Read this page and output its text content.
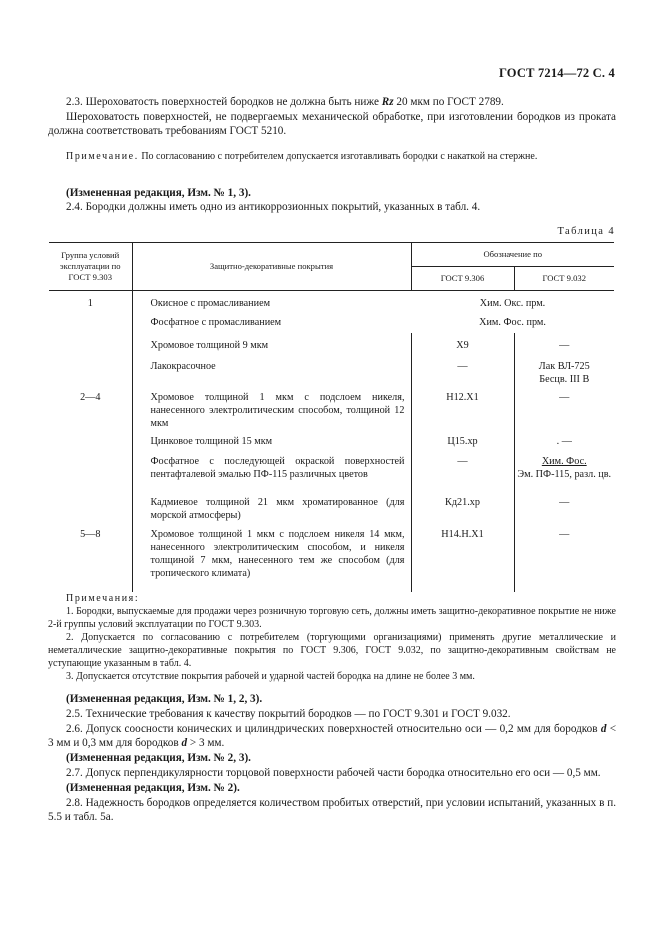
ГОСТ 7214—72 С. 4
2.3. Шероховатость поверхностей бородков не должна быть ниже Rz 20 мкм по ГОСТ 2789.
Шероховатость поверхностей, не подвергаемых механической обработке, при изготовлении бородков из проката должна соответствовать требованиям ГОСТ 5210.
Примечание. По согласованию с потребителем допускается изготавливать бородки с накаткой на стержне.
(Измененная редакция, Изм. № 1, 3).
2.4. Бородки должны иметь одно из антикоррозионных покрытий, указанных в табл. 4.
Таблица 4
Группа условий эксплуатации по ГОСТ 9.303	Защитно-декоративные покрытия	Обозначение по	
		ГОСТ 9.306	ГОСТ 9.032
1	Окисное с промасливанием	Хим. Окс. прм.	
	Фосфатное с промасливанием	Хим. Фос. прм.	
	Хромовое толщиной 9 мкм	Х9	—
	Лакокрасочное	—	Лак ВЛ-725
Бесцв. III В

2—4	Хромовое толщиной 1 мкм с подслоем никеля, нанесенного электролитическим способом, толщиной 12 мкм	Н12.Х1	—
	Цинковое толщиной 15 мкм	Ц15.хр	. —
	Фосфатное с последующей окраской поверхностей пентафталевой эмалью ПФ-115 различных цветов	—	Хим. Фос.
Эм. ПФ-115, разл. цв.

	Кадмиевое толщиной 21 мкм хроматированное (для морской атмосферы)	Кд21.хр	—
5—8	Хромовое толщиной 1 мкм с подслоем никеля 14 мкм, нанесенного электролитическим способом, и никеля толщиной 7 мкм, нанесенного тем же способом (для тропического климата)	Н14.Н.Х1	—
Примечания:
1. Бородки, выпускаемые для продажи через розничную торговую сеть, должны иметь защитно-декоративное покрытие не ниже 2-й группы условий эксплуатации по ГОСТ 9.303.
2. Допускается по согласованию с потребителем (торгующими организациями) применять другие металлические и неметаллические защитно-декоративные покрытия по ГОСТ 9.306, ГОСТ 9.032, по защитно-декоративным свойствам не уступающие указанным в табл. 4.
3. Допускается отсутствие покрытия рабочей и ударной частей бородка на длине не более 3 мм.
(Измененная редакция, Изм. № 1, 2, 3).
2.5. Технические требования к качеству покрытий бородков — по ГОСТ 9.301 и ГОСТ 9.032.
2.6. Допуск соосности конических и цилиндрических поверхностей относительно оси — 0,2 мм для бородков d < 3 мм и 0,3 мм для бородков d > 3 мм.
(Измененная редакция, Изм. № 2, 3).
2.7. Допуск перпендикулярности торцовой поверхности рабочей части бородка относительно его оси — 0,5 мм.
(Измененная редакция, Изм. № 2).
2.8. Надежность бородков определяется количеством пробитых отверстий, при условии испытаний, указанных в п. 5.5 и табл. 5а.
